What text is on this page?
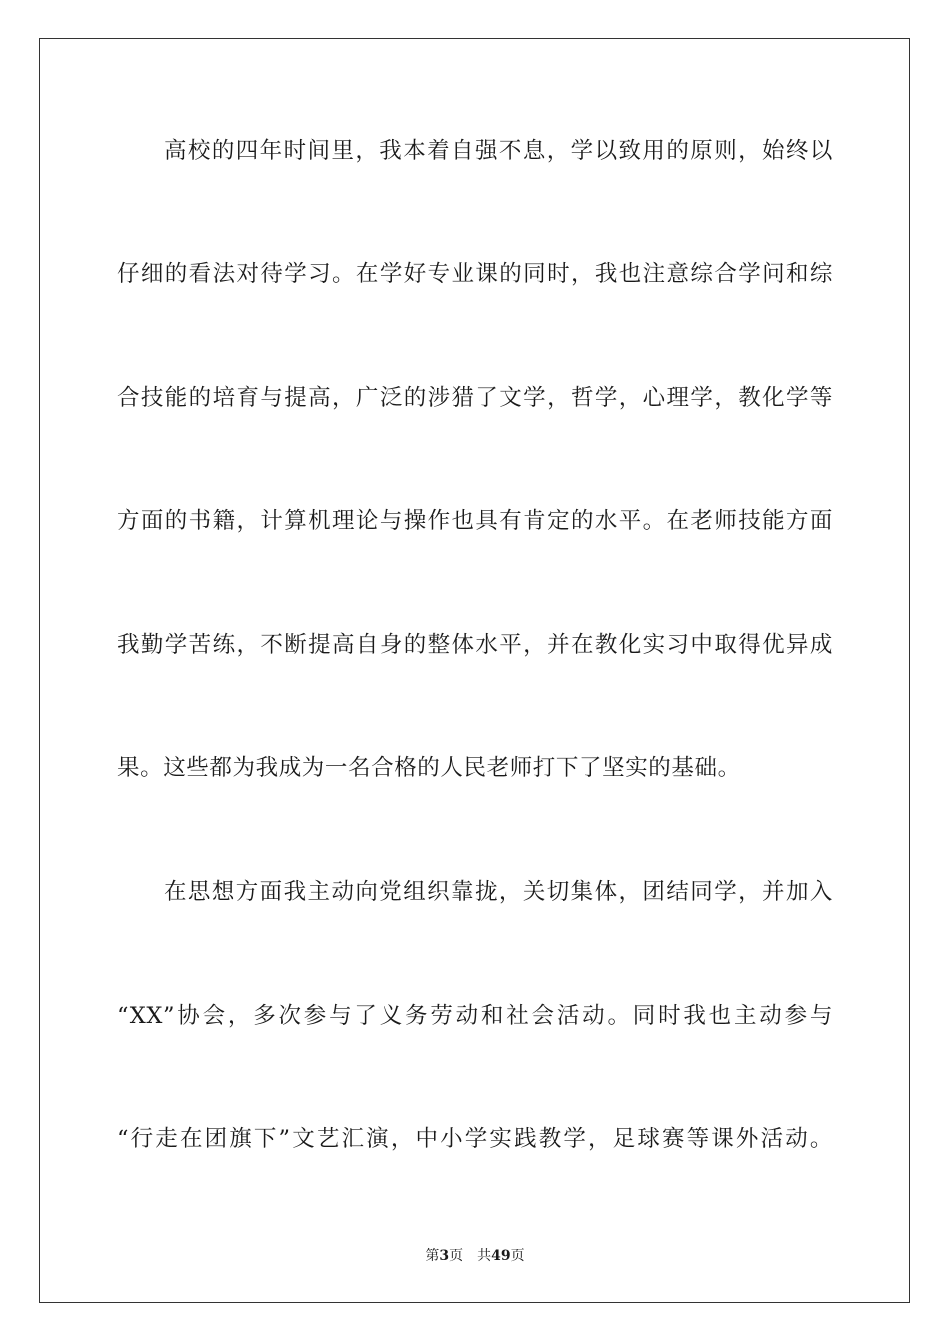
高校的四年时间里，我本着自强不息，学以致用的原则，始终以
仔细的看法对待学习。在学好专业课的同时，我也注意综合学问和综
合技能的培育与提高，广泛的涉猎了文学，哲学，心理学，教化学等
方面的书籍，计算机理论与操作也具有肯定的水平。在老师技能方面
我勤学苦练，不断提高自身的整体水平，并在教化实习中取得优异成
果。这些都为我成为一名合格的人民老师打下了坚实的基础。
在思想方面我主动向党组织靠拢，关切集体，团结同学，并加入
“XX”协会，多次参与了义务劳动和社会活动。同时我也主动参与
“行走在团旗下”文艺汇演，中小学实践教学，足球赛等课外活动。
第3页 共49页
